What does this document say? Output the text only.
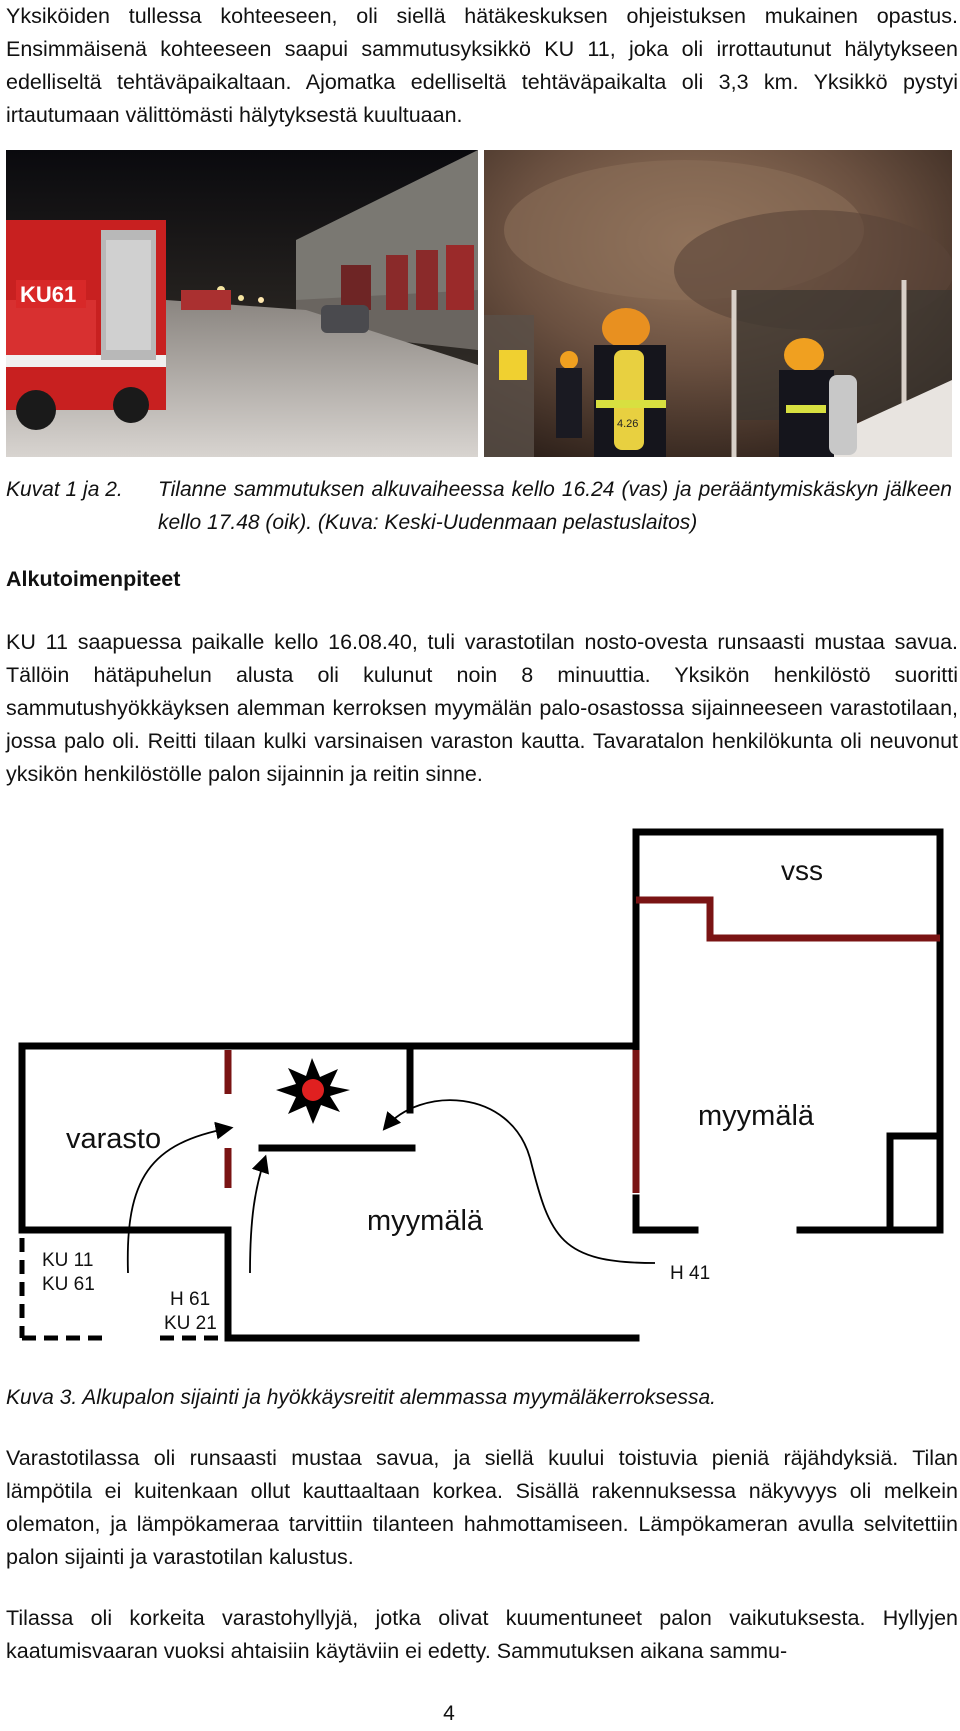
Yksiköiden tullessa kohteeseen, oli siellä hätäkeskuksen ohjeistuksen mukainen opastus. Ensimmäisenä kohteeseen saapui sammutusyksikkö KU 11, joka oli irrottautunut hälytykseen edelliseltä tehtäväpaikaltaan. Ajomatka edelliseltä tehtäväpaikalta oli 3,3 km. Yksikkö pystyi irtautumaan välittömästi hälytyksestä kuultuaan.

KU61
4.26

Kuvat 1 ja 2. Tilanne sammutuksen alkuvaiheessa kello 16.24 (vas) ja perääntymiskäskyn jälkeen kello 17.48 (oik). (Kuva: Keski-Uudenmaan pelastuslaitos)

Alkutoimenpiteet

KU 11 saapuessa paikalle kello 16.08.40, tuli varastotilan nosto-ovesta runsaasti mustaa savua. Tällöin hätäpuhelun alusta oli kulunut noin 8 minuuttia. Yksikön henkilöstö suoritti sammutushyökkäyksen alemman kerroksen myymälän palo-osastossa sijainneeseen varastotilaan, jossa palo oli. Reitti tilaan kulki varsinaisen varaston kautta. Tavaratalon henkilökunta oli neuvonut yksikön henkilöstölle palon sijainnin ja reitin sinne.

vss
varasto
myymälä
myymälä
KU 11
KU 61
H 61
KU 21
H 41

Kuva 3. Alkupalon sijainti ja hyökkäysreitit alemmassa myymäläkerroksessa.

Varastotilassa oli runsaasti mustaa savua, ja siellä kuului toistuvia pieniä räjähdyksiä. Tilan lämpötila ei kuitenkaan ollut kauttaaltaan korkea. Sisällä rakennuksessa näkyvyys oli melkein olematon, ja lämpökameraa tarvittiin tilanteen hahmottamiseen. Lämpökameran avulla selvitettiin palon sijainti ja varastotilan kalustus.

Tilassa oli korkeita varastohyllyjä, jotka olivat kuumentuneet palon vaikutuksesta. Hyllyjen kaatumisvaaran vuoksi ahtaisiin käytäviin ei edetty. Sammutuksen aikana sammu-

4
